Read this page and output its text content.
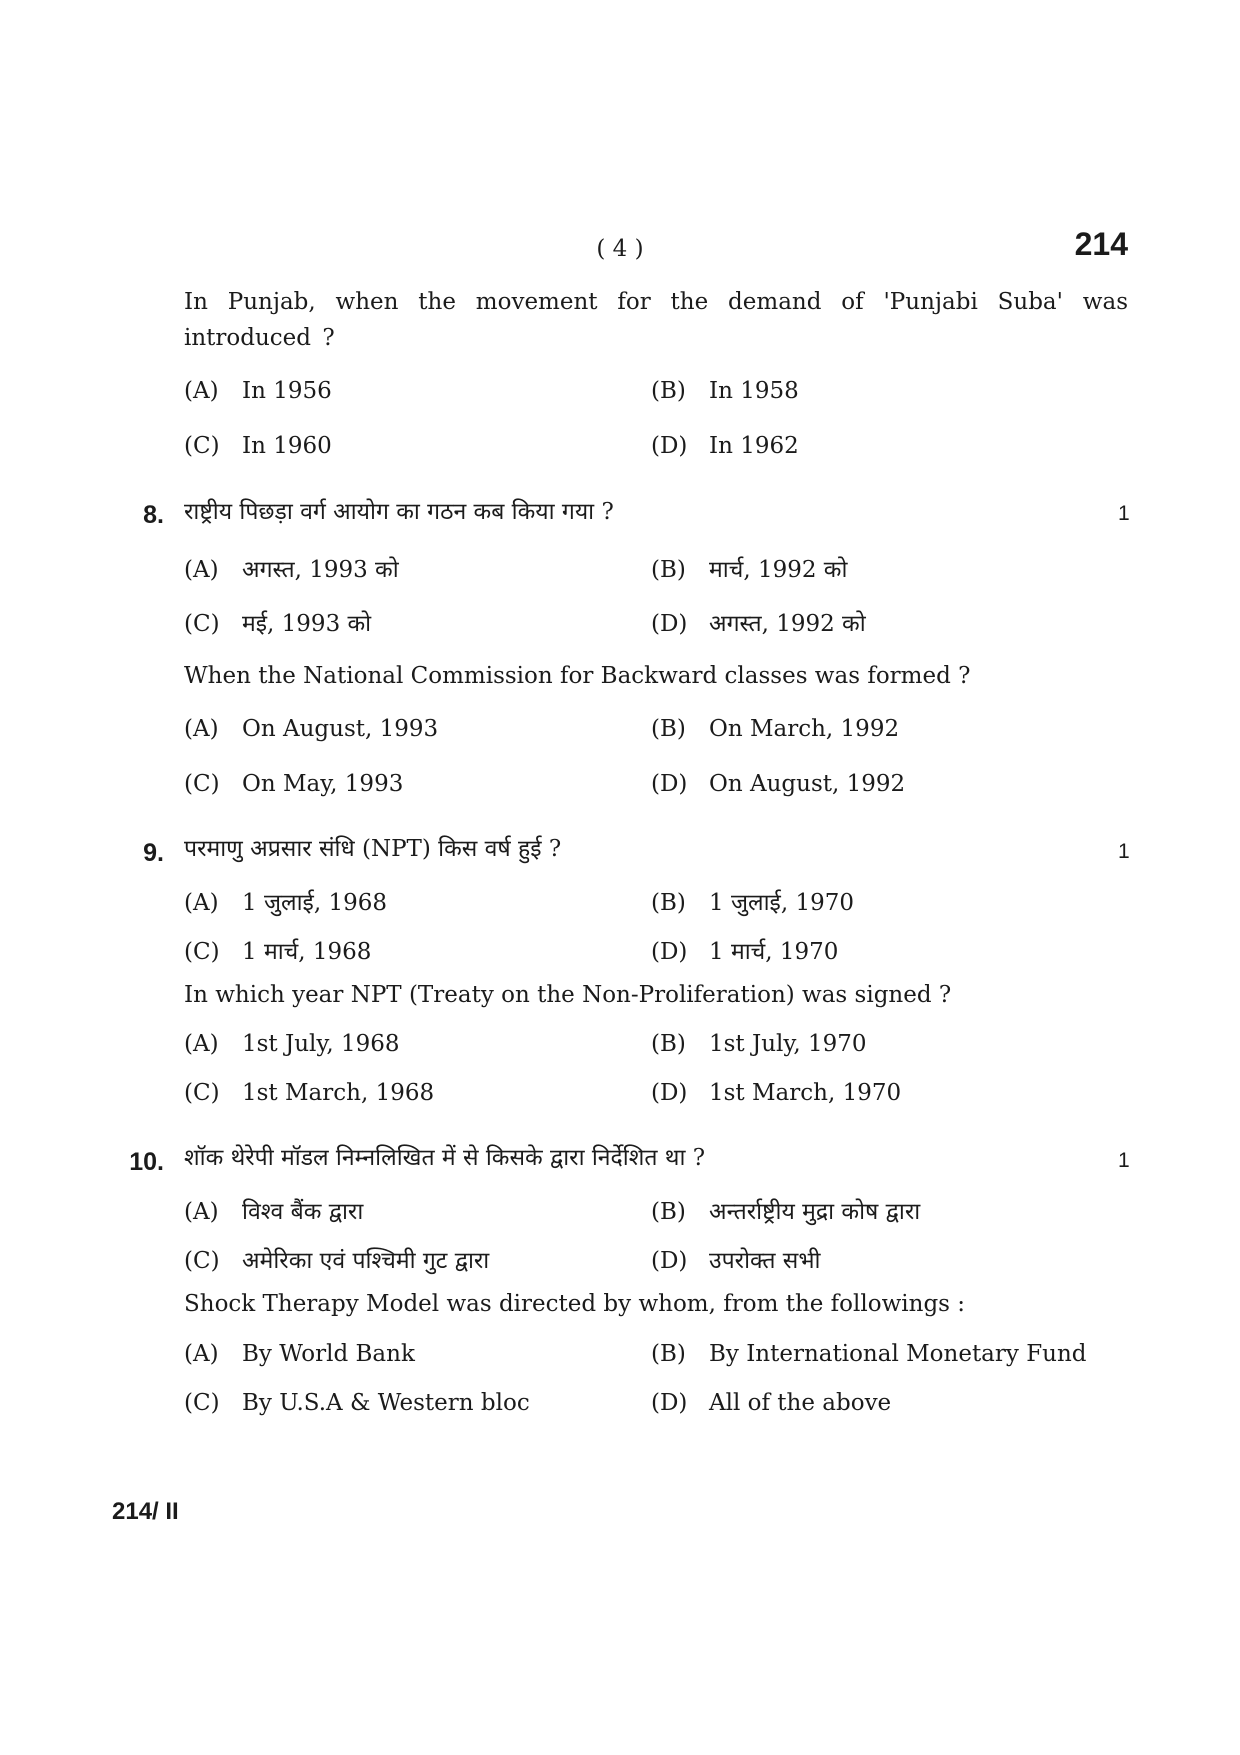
( 4 )	214
In Punjab, when the movement for the demand of 'Punjabi Suba' was introduced ?
(A) In 1956	(B) In 1958
(C) In 1960	(D) In 1962
8.	1
राष्ट्रीय पिछड़ा वर्ग आयोग का गठन कब किया गया ?
(A) अगस्त, 1993 को	(B) मार्च, 1992 को
(C) मई, 1993 को	(D) अगस्त, 1992 को
When the National Commission for Backward classes was formed ?
(A) On August, 1993	(B) On March, 1992
(C) On May, 1993	(D) On August, 1992
9.	1
परमाणु अप्रसार संधि (NPT) किस वर्ष हुई ?
(A) 1 जुलाई, 1968	(B) 1 जुलाई, 1970
(C) 1 मार्च, 1968	(D) 1 मार्च, 1970
In which year NPT (Treaty on the Non-Proliferation) was signed ?
(A) 1st July, 1968	(B) 1st July, 1970
(C) 1st March, 1968	(D) 1st March, 1970
10.	1
शॉक थेरेपी मॉडल निम्नलिखित में से किसके द्वारा निर्देशित था ?
(A) विश्व बैंक द्वारा	(B) अन्तर्राष्ट्रीय मुद्रा कोष द्वारा
(C) अमेरिका एवं पश्चिमी गुट द्वारा	(D) उपरोक्त सभी
Shock Therapy Model was directed by whom, from the followings :
(A) By World Bank	(B) By International Monetary Fund
(C) By U.S.A & Western bloc	(D) All of the above
214/ II
